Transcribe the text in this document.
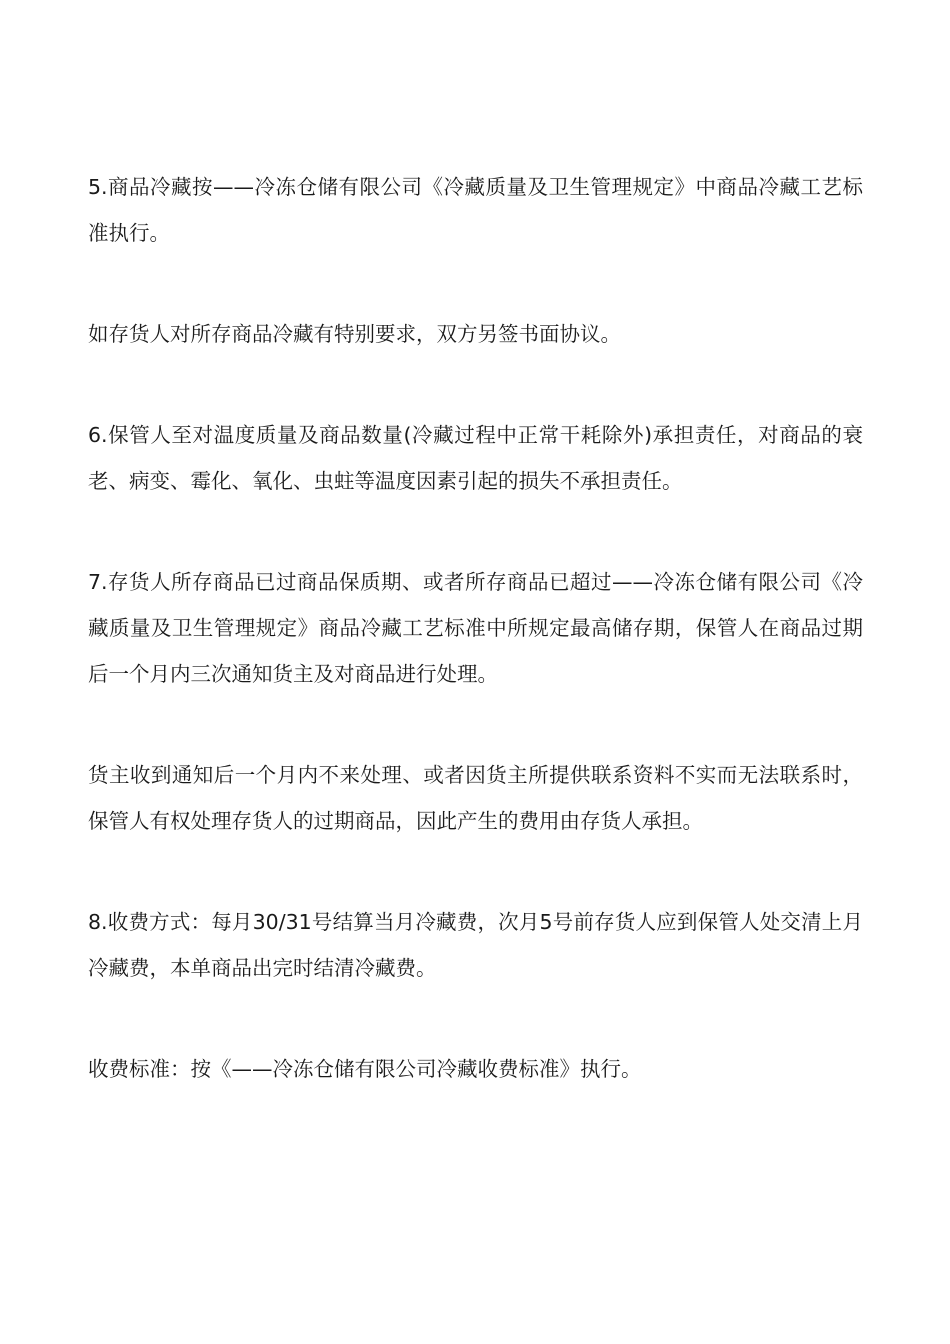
5.商品冷藏按——冷冻仓储有限公司《冷藏质量及卫生管理规定》中商品冷藏工艺标准执行。

如存货人对所存商品冷藏有特别要求，双方另签书面协议。

6.保管人至对温度质量及商品数量(冷藏过程中正常干耗除外)承担责任，对商品的衰老、病变、霉化、氧化、虫蛀等温度因素引起的损失不承担责任。

7.存货人所存商品已过商品保质期、或者所存商品已超过——冷冻仓储有限公司《冷藏质量及卫生管理规定》商品冷藏工艺标准中所规定最高储存期，保管人在商品过期后一个月内三次通知货主及对商品进行处理。

货主收到通知后一个月内不来处理、或者因货主所提供联系资料不实而无法联系时，保管人有权处理存货人的过期商品，因此产生的费用由存货人承担。

8.收费方式：每月30/31号结算当月冷藏费，次月5号前存货人应到保管人处交清上月冷藏费，本单商品出完时结清冷藏费。

收费标准：按《——冷冻仓储有限公司冷藏收费标准》执行。
